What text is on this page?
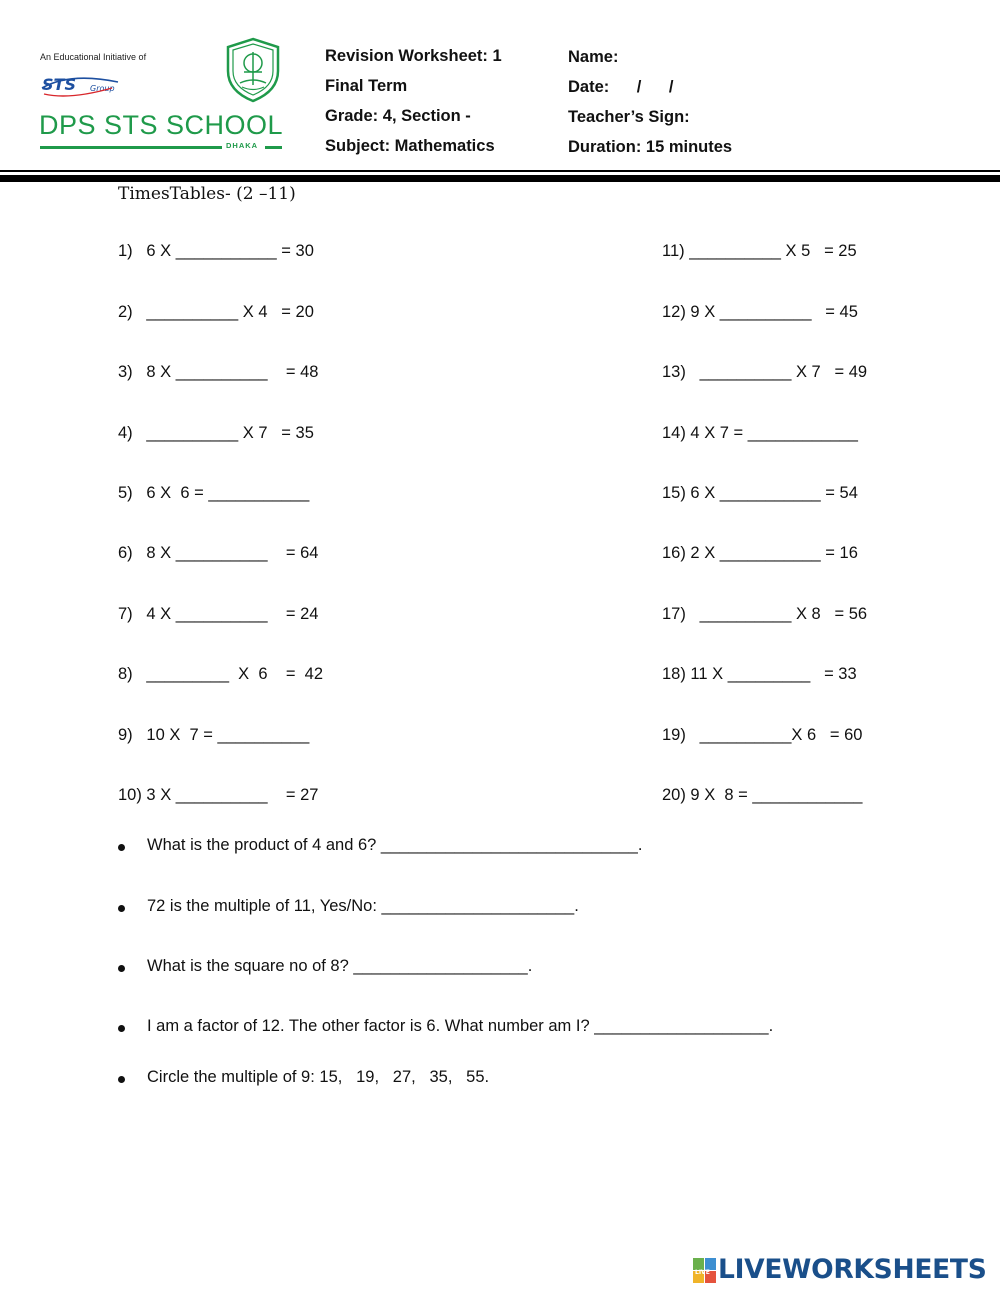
An Educational Initiative of
STS Group
DPS STS SCHOOL
DHAKA
Revision Worksheet: 1
Final Term
Grade: 4, Section -
Subject: Mathematics
Name:
Date:      /      /
Teacher’s Sign:
Duration: 15 minutes
TimesTables- (2 –11)
1)   6 X ___________ = 30
2)   __________ X 4   = 20
3)   8 X __________    = 48
4)   __________ X 7   = 35
5)   6 X  6 = ___________
6)   8 X __________    = 64
7)   4 X __________    = 24
8)   _________  X  6    =  42
9)   10 X  7 = __________
10) 3 X __________    = 27
11) __________ X 5   = 25
12) 9 X __________   = 45
13)   __________ X 7   = 49
14) 4 X 7 = ____________
15) 6 X ___________ = 54
16) 2 X ___________ = 16
17)   __________ X 8   = 56
18) 11 X _________   = 33
19)   __________X 6   = 60
20) 9 X  8 = ____________
What is the product of 4 and 6? ____________________________.
72 is the multiple of 11, Yes/No: _____________________.
What is the square no of 8? ___________________.
I am a factor of 12. The other factor is 6. What number am I? ___________________.
Circle the multiple of 9: 15,   19,   27,   35,   55.
LIVE LIVEWORKSHEETS
